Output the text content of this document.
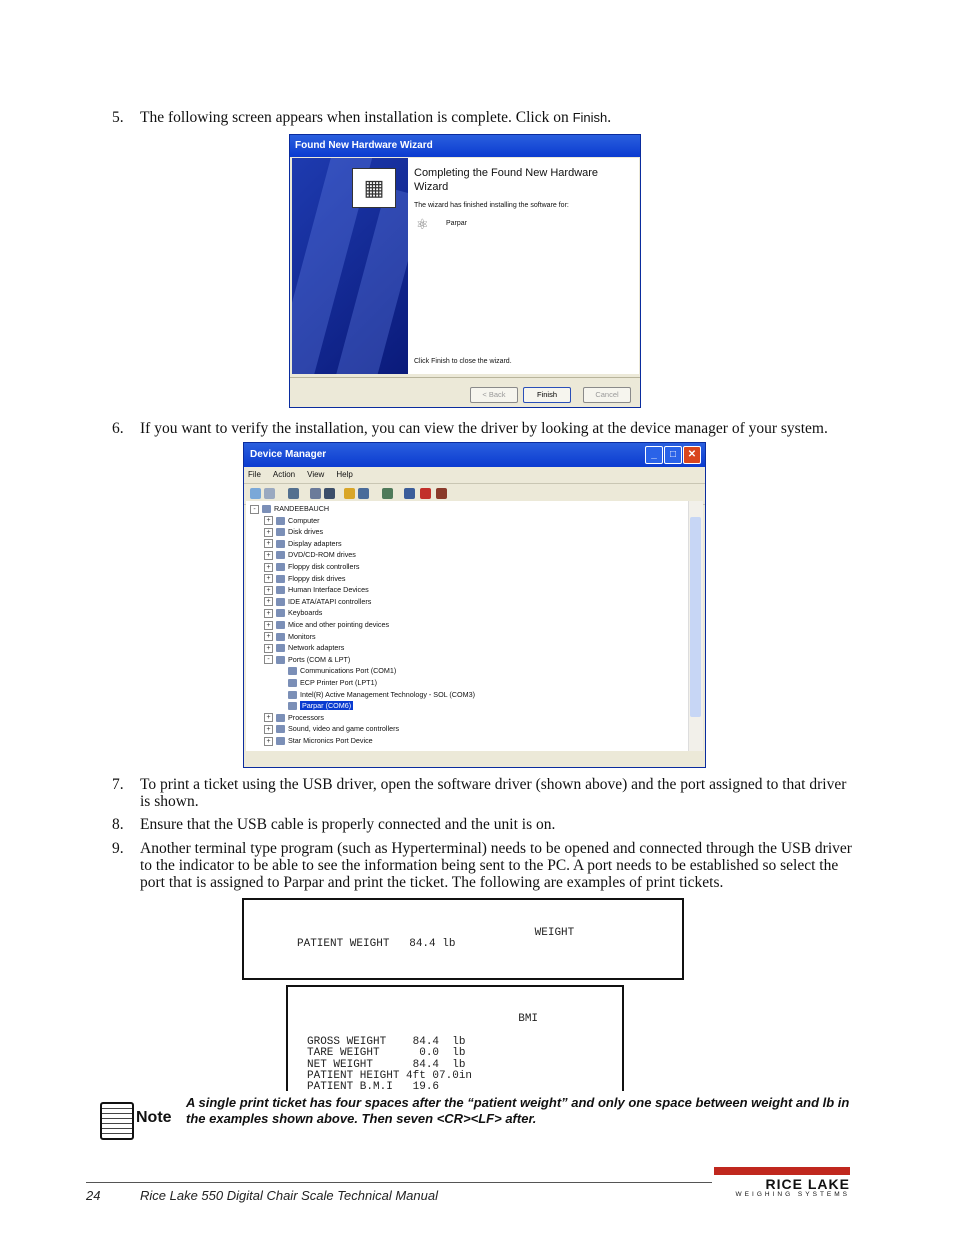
5. The following screen appears when installation is complete. Click on Finish.
Found New Hardware Wizard
▦
Completing the Found New Hardware Wizard
The wizard has finished installing the software for:
⚛ Parpar
Click Finish to close the wizard.
< Back	Finish	Cancel
6. If you want to verify the installation, you can view the driver by looking at the device manager of your system.
Device Manager	_	□	✕
File Action View Help
-	RANDEEBAUCH
+ Computer
+ Disk drives
+ Display adapters
+ DVD/CD-ROM drives
+ Floppy disk controllers
+ Floppy disk drives
+ Human Interface Devices
+ IDE ATA/ATAPI controllers
+ Keyboards
+ Mice and other pointing devices
+ Monitors
+ Network adapters
-	Ports (COM & LPT)
Communications Port (COM1)
ECP Printer Port (LPT1)
Intel(R) Active Management Technology - SOL (COM3)
Parpar (COM6)
+ Processors
+ Sound, video and game controllers
+ Star Micronics Port Device
7. To print a ticket using the USB driver, open the software driver (shown above) and the port assigned to that driver is shown.
8. Ensure that the USB cable is properly connected and the unit is on.
9. Another terminal type program (such as Hyperterminal) needs to be opened and connected through the USB driver to the indicator to be able to see the information being sent to the PC. A port needs to be established so select the port that is assigned to Parpar and print the ticket. The following are examples of print tickets.
WEIGHT
PATIENT WEIGHT   84.4 lb
BMI

GROSS WEIGHT    84.4  lb
TARE WEIGHT      0.0  lb
NET WEIGHT      84.4  lb
PATIENT HEIGHT 4ft 07.0in
PATIENT B.M.I   19.6
Note
A single print ticket has four spaces after the “patient weight” and only one space between weight and lb in the examples shown above. Then seven <CR><LF> after.
24	Rice Lake 550 Digital Chair Scale Technical Manual
RICE LAKE
WEIGHING SYSTEMS
